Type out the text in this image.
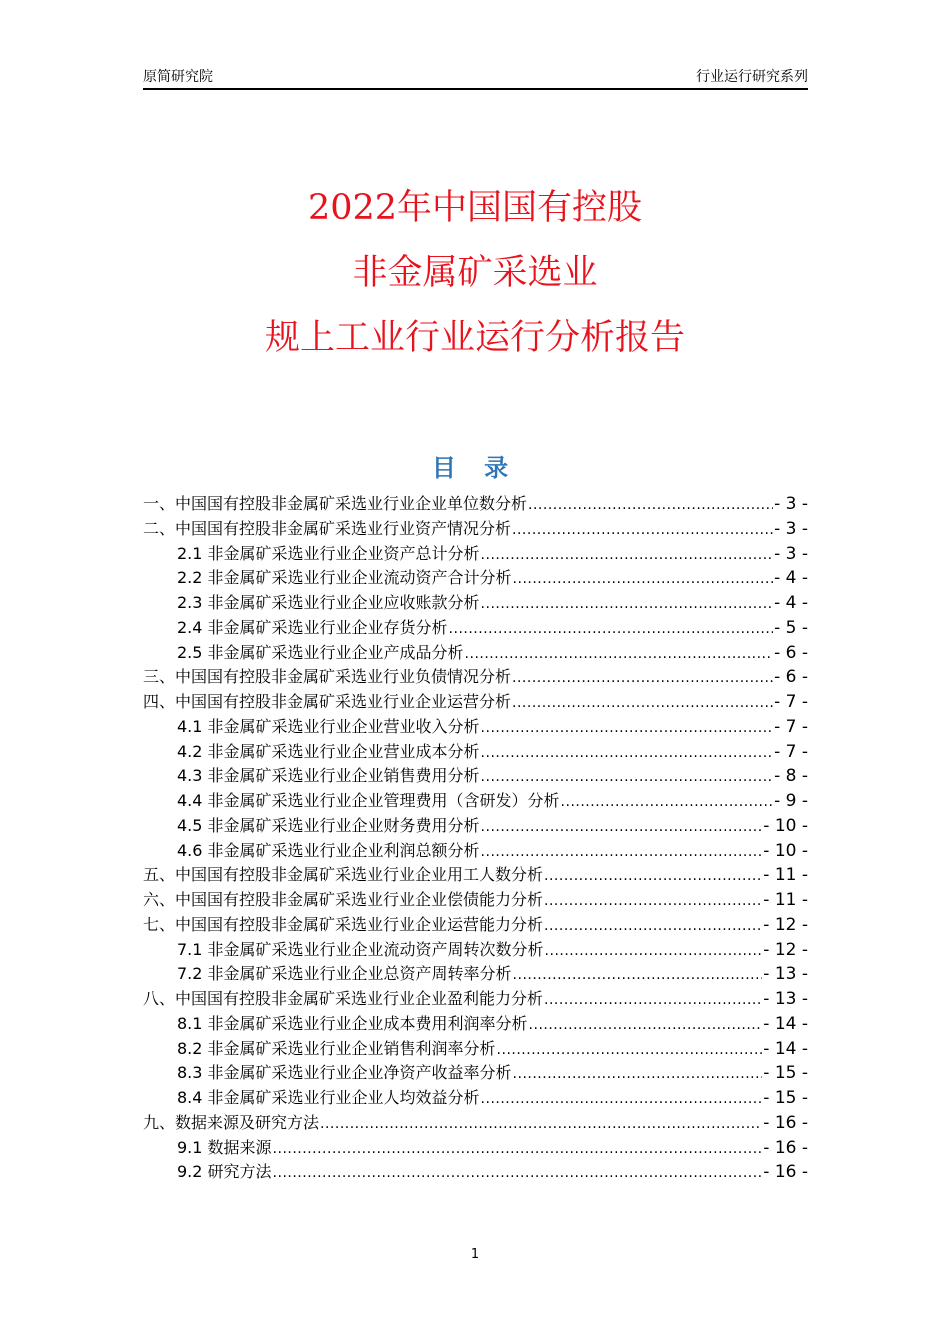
原简研究院	行业运行研究系列
2022年中国国有控股
非金属矿采选业
规上工业行业运行分析报告
目 录
一、中国国有控股非金属矿采选业行业企业单位数分析 .....	- 3 -
二、中国国有控股非金属矿采选业行业资产情况分析 .....	- 3 -
2.1 非金属矿采选业行业企业资产总计分析 .....	- 3 -
2.2 非金属矿采选业行业企业流动资产合计分析 .....	- 4 -
2.3 非金属矿采选业行业企业应收账款分析 .....	- 4 -
2.4 非金属矿采选业行业企业存货分析 .....	- 5 -
2.5 非金属矿采选业行业企业产成品分析 .....	- 6 -
三、中国国有控股非金属矿采选业行业负债情况分析 .....	- 6 -
四、中国国有控股非金属矿采选业行业企业运营分析 .....	- 7 -
4.1 非金属矿采选业行业企业营业收入分析 .....	- 7 -
4.2 非金属矿采选业行业企业营业成本分析 .....	- 7 -
4.3 非金属矿采选业行业企业销售费用分析 .....	- 8 -
4.4 非金属矿采选业行业企业管理费用（含研发）分析 .....	- 9 -
4.5 非金属矿采选业行业企业财务费用分析 .....	- 10 -
4.6 非金属矿采选业行业企业利润总额分析 .....	- 10 -
五、中国国有控股非金属矿采选业行业企业用工人数分析 .....	- 11 -
六、中国国有控股非金属矿采选业行业企业偿债能力分析 .....	- 11 -
七、中国国有控股非金属矿采选业行业企业运营能力分析 .....	- 12 -
7.1 非金属矿采选业行业企业流动资产周转次数分析 .....	- 12 -
7.2 非金属矿采选业行业企业总资产周转率分析 .....	- 13 -
八、中国国有控股非金属矿采选业行业企业盈利能力分析 .....	- 13 -
8.1 非金属矿采选业行业企业成本费用利润率分析 .....	- 14 -
8.2 非金属矿采选业行业企业销售利润率分析 .....	- 14 -
8.3 非金属矿采选业行业企业净资产收益率分析 .....	- 15 -
8.4 非金属矿采选业行业企业人均效益分析 .....	- 15 -
九、数据来源及研究方法 .....	- 16 -
9.1 数据来源 .....	- 16 -
9.2 研究方法 .....	- 16 -
1
